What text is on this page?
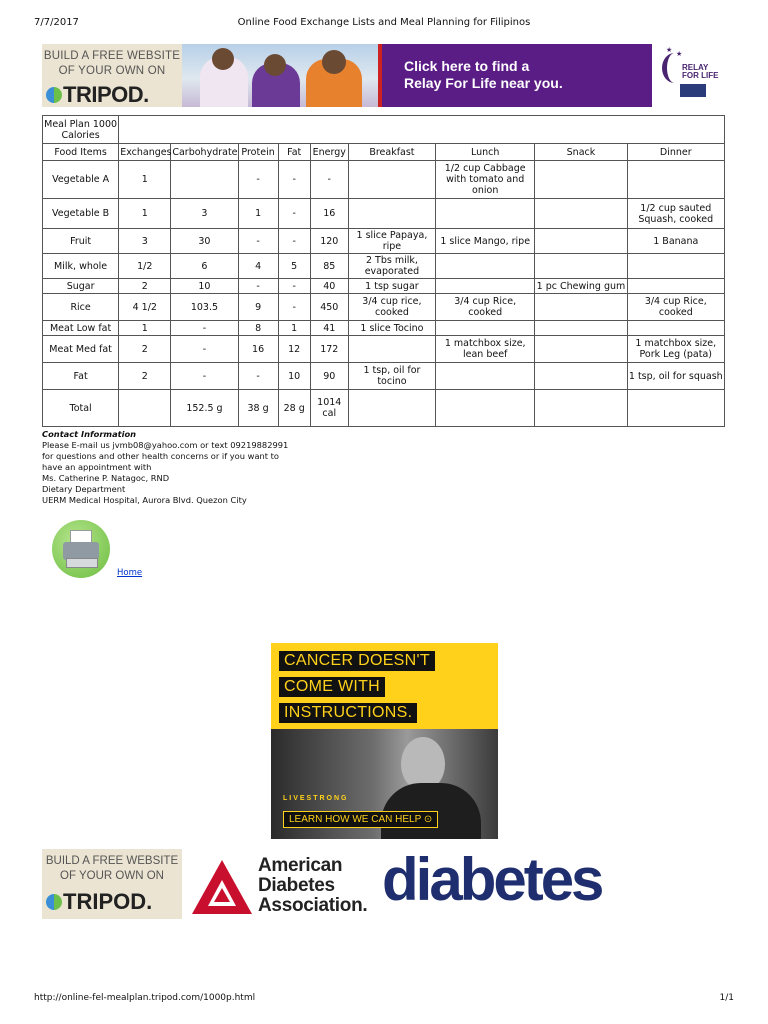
7/7/2017	Online Food Exchange Lists and Meal Planning for Filipinos
BUILD A FREE WEBSITE
OF YOUR OWN ON
TRIPOD.
Click here to find a
Relay For Life near you.
★ ★
RELAY
FOR LIFE
Meal Plan 1000 Calories									
Food Items	Exchanges	Carbohydrate	Protein	Fat	Energy	Breakfast	Lunch	Snack	Dinner
Vegetable A	1		-	-	-		1/2 cup Cabbage with tomato and onion		
Vegetable B	1	3	1	-	16				1/2 cup sauted Squash, cooked
Fruit	3	30	-	-	120	1 slice Papaya, ripe	1 slice Mango, ripe		1 Banana
Milk, whole	1/2	6	4	5	85	2 Tbs milk, evaporated			
Sugar	2	10	-	-	40	1 tsp sugar		1 pc Chewing gum	
Rice	4 1/2	103.5	9	-	450	3/4 cup rice, cooked	3/4 cup Rice, cooked		3/4 cup Rice, cooked
Meat Low fat	1	-	8	1	41	1 slice Tocino			
Meat Med fat	2	-	16	12	172		1 matchbox size, lean beef		1 matchbox size, Pork Leg (pata)
Fat	2	-	-	10	90	1 tsp, oil for tocino			1 tsp, oil for squash
Total		152.5 g	38 g	28 g	1014 cal				
Contact Information
Please E-mail us jvmb08@yahoo.com or text 09219882991
for questions and other health concerns or if you want to
have an appointment with
Ms. Catherine P. Natagoc, RND
Dietary Department
UERM Medical Hospital, Aurora Blvd. Quezon City
Home
CANCER DOESN'T
COME WITH
INSTRUCTIONS.
LIVESTRONG
LEARN HOW WE CAN HELP ⊙
BUILD A FREE WEBSITE
OF YOUR OWN ON
TRIPOD.
American
Diabetes
Association. diabetes
http://online-fel-mealplan.tripod.com/1000p.html	1/1
